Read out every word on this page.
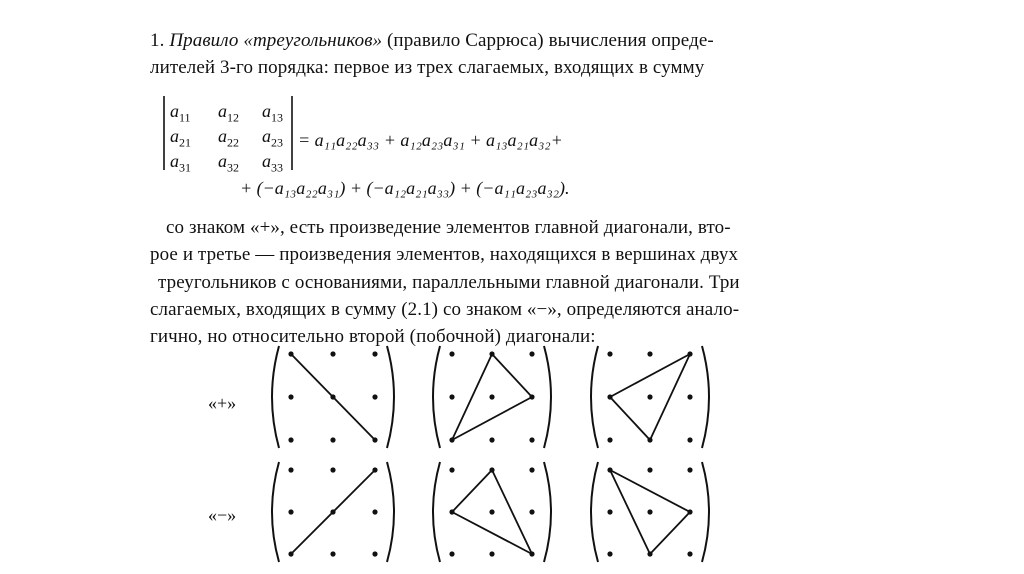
1. Правило «треугольников» (правило Саррюса) вычисления опреде-
лителей 3-го порядка: первое из трех слагаемых, входящих в сумму
$a_{11}$ $a_{12}$ $a_{13}$
$a_{21}$ $a_{22}$ $a_{23}$
$a_{31}$ $a_{32}$ $a_{33}$
= a₁₁a₂₂a₃₃ + a₁₂a₂₃a₃₁ + a₁₃a₂₁a₃₂+
+ (−a₁₃a₂₂a₃₁) + (−a₁₂a₂₁a₃₃) + (−a₁₁a₂₃a₃₂).
со знаком «+», есть произведение элементов главной диагонали, вто-
рое и третье — произведения элементов, находящихся в вершинах двух
треугольников с основаниями, параллельными главной диагонали. Три
слагаемых, входящих в сумму (2.1) со знаком «−», определяются анало-
гично, но относительно второй (побочной) диагонали:
«+»
«−»
